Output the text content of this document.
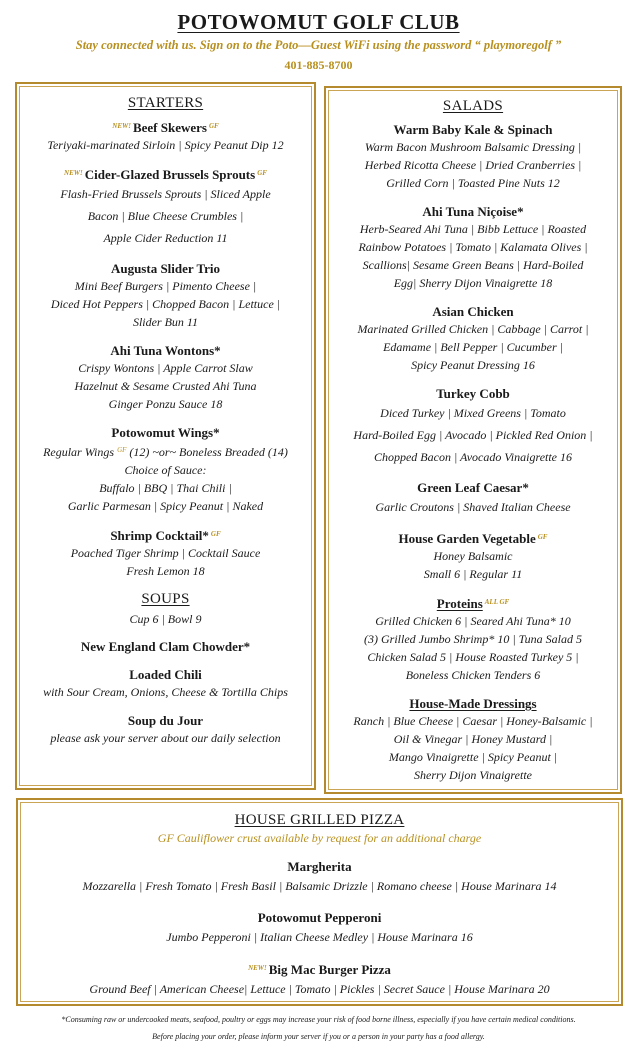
POTOWOMUT GOLF CLUB
Stay connected with us. Sign on to the Poto—Guest WiFi using the password “ playmoregolf ”
401-885-8700
STARTERS
$^{NEW!}$ Beef Skewers $^{GF}$
Teriyaki-marinated Sirloin | Spicy Peanut Dip 12
$^{NEW!}$ Cider-Glazed Brussels Sprouts $^{GF}$
Flash-Fried Brussels Sprouts | Sliced Apple
Bacon | Blue Cheese Crumbles |
Apple Cider Reduction 11
Augusta Slider Trio
Mini Beef Burgers | Pimento Cheese |
Diced Hot Peppers | Chopped Bacon | Lettuce |
Slider Bun 11
Ahi Tuna Wontons*
Crispy Wontons | Apple Carrot Slaw
Hazelnut & Sesame Crusted Ahi Tuna
Ginger Ponzu Sauce 18
Potowomut Wings*
Regular Wings $^{GF}$ (12) ~or~ Boneless Breaded (14)
Choice of Sauce:
Buffalo | BBQ | Thai Chili |
Garlic Parmesan | Spicy Peanut | Naked
Shrimp Cocktail* $^{GF}$
Poached Tiger Shrimp | Cocktail Sauce
Fresh Lemon 18
SOUPS
Cup 6 | Bowl 9
New England Clam Chowder*
Loaded Chili
with Sour Cream, Onions, Cheese & Tortilla Chips
Soup du Jour
please ask your server about our daily selection
SALADS
Warm Baby Kale & Spinach
Warm Bacon Mushroom Balsamic Dressing |
Herbed Ricotta Cheese | Dried Cranberries |
Grilled Corn | Toasted Pine Nuts 12
Ahi Tuna Niçoise*
Herb-Seared Ahi Tuna | Bibb Lettuce | Roasted
Rainbow Potatoes | Tomato | Kalamata Olives |
Scallions| Sesame Green Beans | Hard-Boiled
Egg| Sherry Dijon Vinaigrette 18
Asian Chicken
Marinated Grilled Chicken | Cabbage | Carrot |
Edamame | Bell Pepper | Cucumber |
Spicy Peanut Dressing 16
Turkey Cobb
Diced Turkey | Mixed Greens | Tomato
Hard-Boiled Egg | Avocado | Pickled Red Onion |
Chopped Bacon | Avocado Vinaigrette 16
Green Leaf Caesar*
Garlic Croutons | Shaved Italian Cheese
House Garden Vegetable $^{GF}$
Honey Balsamic
Small 6 | Regular 11
Proteins $^{ALL GF}$
Grilled Chicken 6 | Seared Ahi Tuna* 10
(3) Grilled Jumbo Shrimp* 10 | Tuna Salad 5
Chicken Salad 5 | House Roasted Turkey 5 |
Boneless Chicken Tenders 6
House-Made Dressings
Ranch | Blue Cheese | Caesar | Honey-Balsamic |
Oil & Vinegar | Honey Mustard |
Mango Vinaigrette | Spicy Peanut |
Sherry Dijon Vinaigrette
HOUSE GRILLED PIZZA
GF Cauliflower crust available by request for an additional charge
Margherita
Mozzarella | Fresh Tomato | Fresh Basil | Balsamic Drizzle | Romano cheese | House Marinara 14
Potowomut Pepperoni
Jumbo Pepperoni | Italian Cheese Medley | House Marinara 16
$^{NEW!}$ Big Mac Burger Pizza
Ground Beef | American Cheese| Lettuce | Tomato | Pickles | Secret Sauce | House Marinara 20
*Consuming raw or undercooked meats, seafood, poultry or eggs may increase your risk of food borne illness, especially if you have certain medical conditions.
Before placing your order, please inform your server if you or a person in your party has a food allergy.
